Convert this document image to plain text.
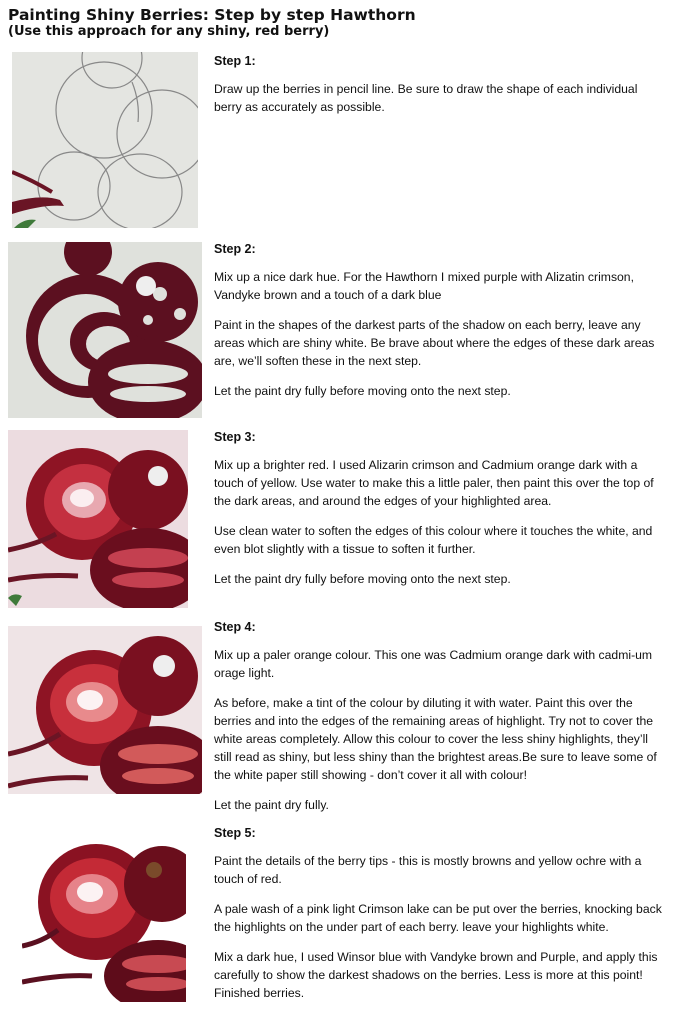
Painting Shiny Berries: Step by step Hawthorn
(Use this approach for any shiny, red berry)
Step 1:

Draw up the berries in pencil line. Be sure to draw the shape of each individual berry as accurately as possible.

Step 2:

Mix up a nice dark hue. For the Hawthorn I mixed purple with Alizatin crimson, Vandyke brown and a touch of a dark blue

Paint in the shapes of the darkest parts of the shadow on each berry, leave any areas which are shiny white. Be brave about where the edges of these dark areas are, we’ll soften these in the next step.

Let the paint dry fully before moving onto the next step.

Step 3:

Mix up a brighter red. I used Alizarin crimson and Cadmium orange dark with a touch of yellow. Use water to make this a little paler, then paint this over the top of the dark areas, and around the edges of your highlighted area.

Use clean water to soften the edges of this colour where it touches the white, and even blot slightly with a tissue to soften it further.

Let the paint dry fully before moving onto the next step.

Step 4:

Mix up a paler orange colour. This one was Cadmium orange dark with cadmi-um orage light.

As before, make a tint of the colour by diluting it with water. Paint this over the berries and into the edges of the remaining areas of highlight. Try not to cover the white areas completely. Allow this colour to cover the less shiny highlights, they’ll still read as shiny, but less shiny than the brightest areas.Be sure to leave some of the white paper still showing - don’t cover it all with colour!

Let the paint dry fully.

Step 5:

Paint the details of the berry tips - this is mostly browns and yellow ochre with a touch of red.

A pale wash of a pink light Crimson lake can be put over the berries, knocking back the highlights on the under part of each berry. leave your highlights white.

Mix a dark hue, I used Winsor blue with Vandyke brown and Purple, and apply this carefully to show the darkest shadows on the berries. Less is more at this point! Finished berries.
